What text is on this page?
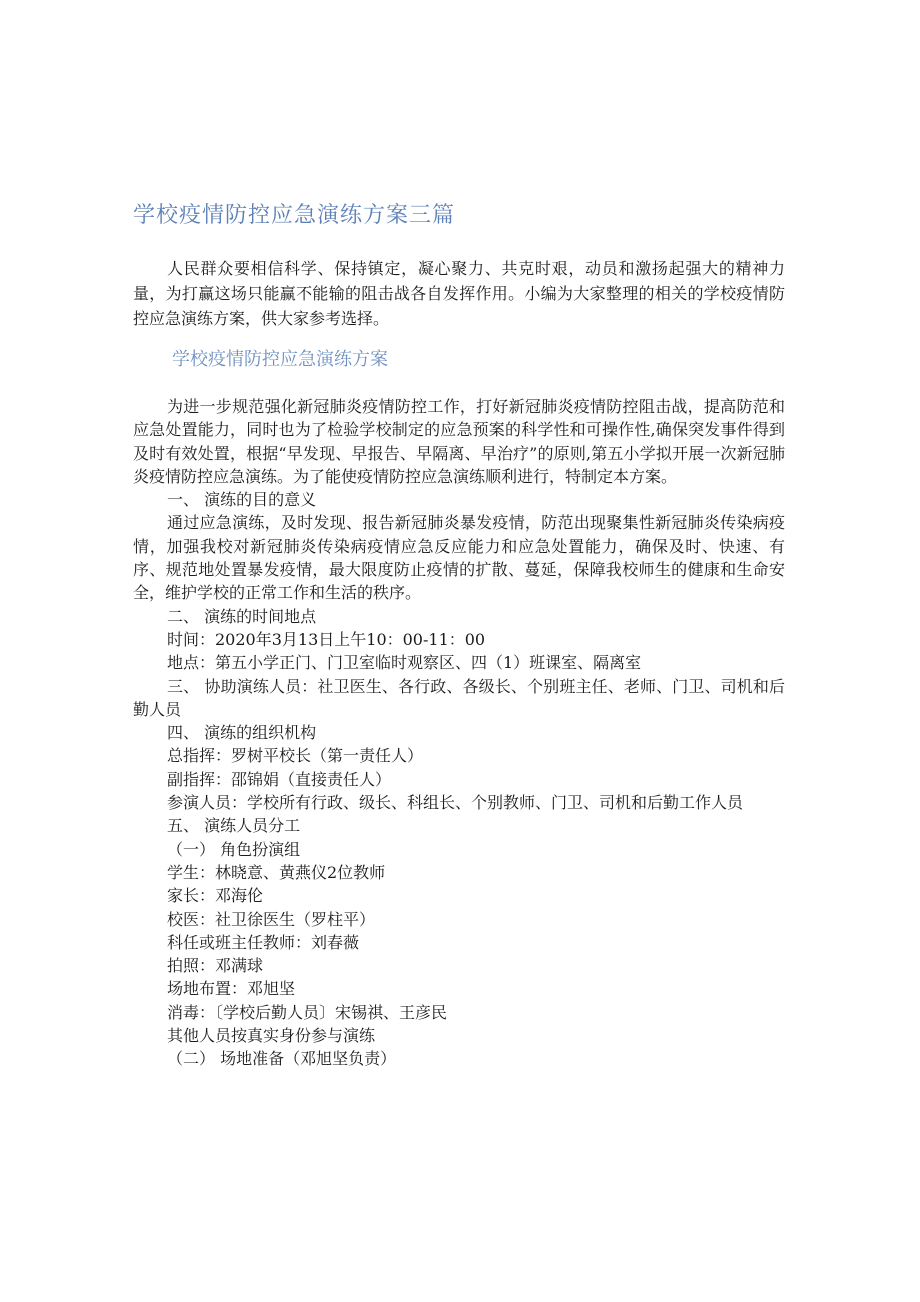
学校疫情防控应急演练方案三篇

人民群众要相信科学、保持镇定，凝心聚力、共克时艰，动员和激扬起强大的精神力量，为打赢这场只能赢不能输的阻击战各自发挥作用。小编为大家整理的相关的学校疫情防控应急演练方案，供大家参考选择。

学校疫情防控应急演练方案

为进一步规范强化新冠肺炎疫情防控工作，打好新冠肺炎疫情防控阻击战，提高防范和应急处置能力，同时也为了检验学校制定的应急预案的科学性和可操作性,确保突发事件得到及时有效处置，根据“早发现、早报告、早隔离、早治疗”的原则,第五小学拟开展一次新冠肺炎疫情防控应急演练。为了能使疫情防控应急演练顺利进行，特制定本方案。

一、 演练的目的意义

通过应急演练，及时发现、报告新冠肺炎暴发疫情，防范出现聚集性新冠肺炎传染病疫情，加强我校对新冠肺炎传染病疫情应急反应能力和应急处置能力，确保及时、快速、有序、规范地处置暴发疫情，最大限度防止疫情的扩散、蔓延，保障我校师生的健康和生命安全，维护学校的正常工作和生活的秩序。

二、 演练的时间地点

时间：2020年3月13日上午10：00-11：00

地点：第五小学正门、门卫室临时观察区、四（1）班课室、隔离室

三、 协助演练人员：社卫医生、各行政、各级长、个别班主任、老师、门卫、司机和后勤人员

四、 演练的组织机构

总指挥：罗树平校长（第一责任人）

副指挥：邵锦娟（直接责任人）

参演人员：学校所有行政、级长、科组长、个别教师、门卫、司机和后勤工作人员

五、 演练人员分工

（一） 角色扮演组

学生：林晓意、黄燕仪2位教师

家长：邓海伦

校医：社卫徐医生（罗柱平）

科任或班主任教师：刘春薇

拍照：邓满球

场地布置：邓旭坚

消毒：〔学校后勤人员〕宋锡祺、王彦民

其他人员按真实身份参与演练

（二） 场地准备（邓旭坚负责）
